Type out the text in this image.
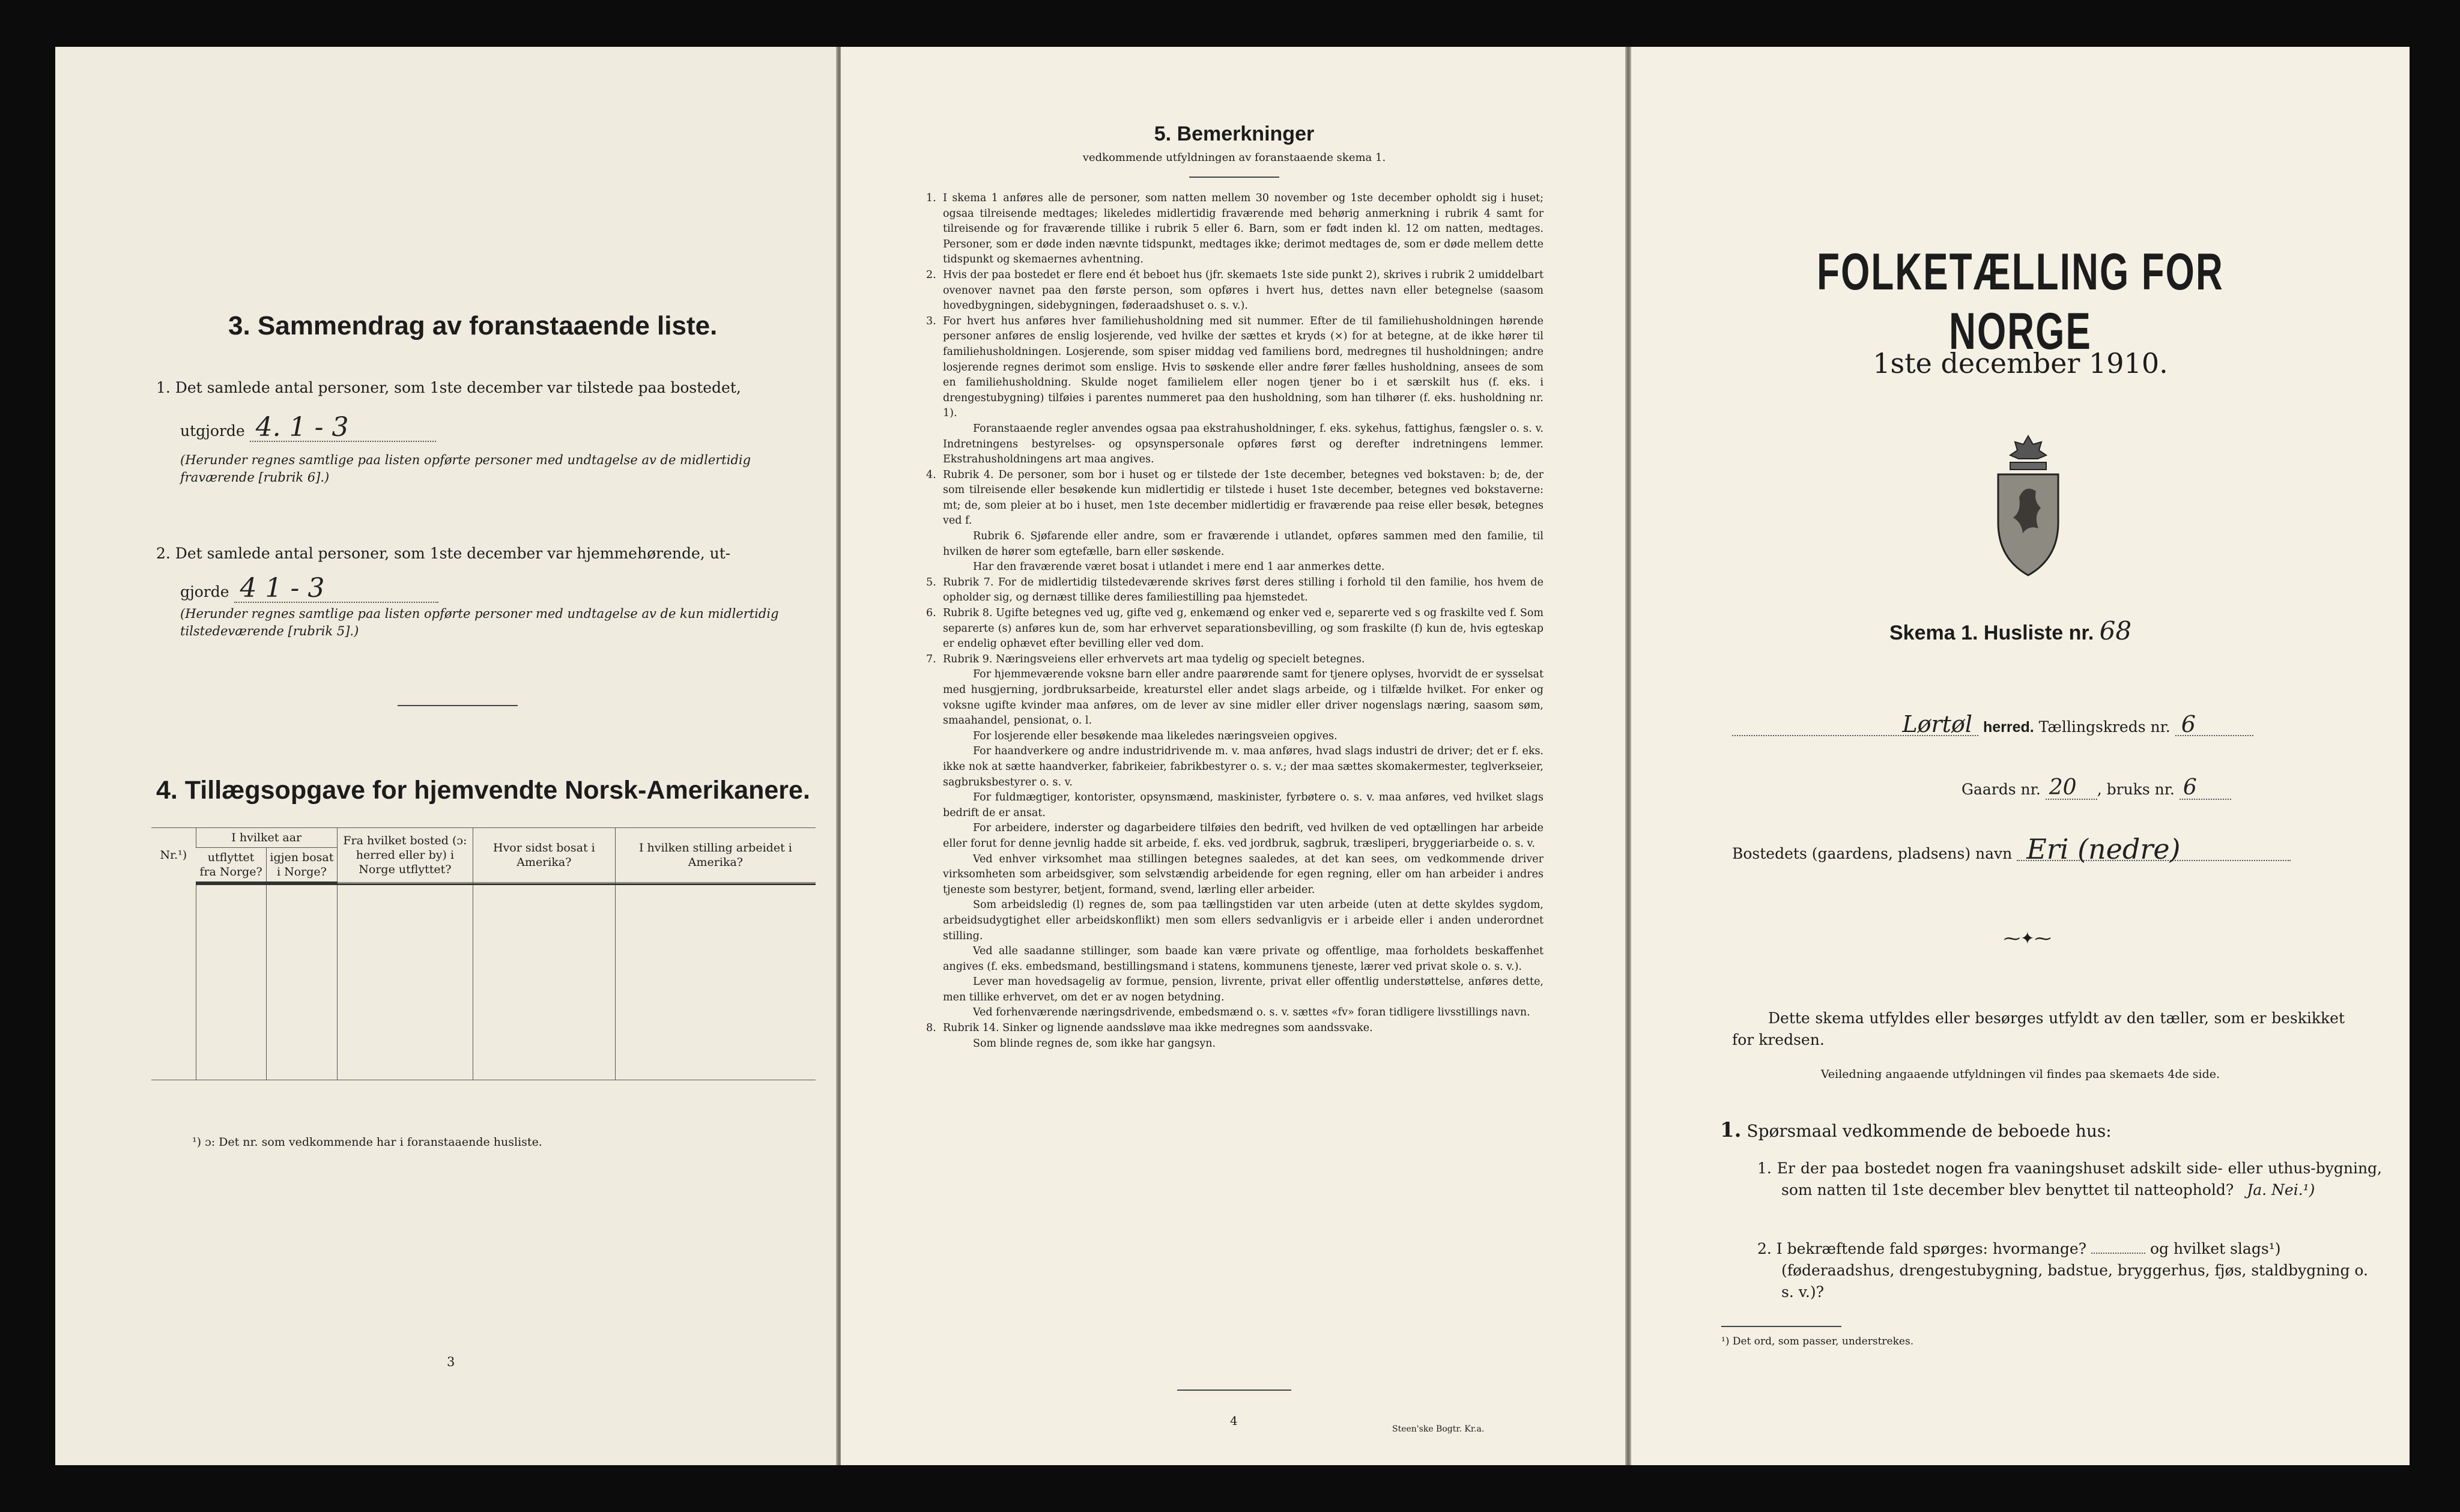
3. Sammendrag av foranstaaende liste.
1. Det samlede antal personer, som 1ste december var tilstede paa bostedet,
utgjorde 4. 1 - 3
(Herunder regnes samtlige paa listen opførte personer med undtagelse av de midlertidig fraværende [rubrik 6].)
2. Det samlede antal personer, som 1ste december var hjemmehørende, ut-
gjorde 4 1 - 3
(Herunder regnes samtlige paa listen opførte personer med undtagelse av de kun midlertidig tilstedeværende [rubrik 5].)
4. Tillægsopgave for hjemvendte Norsk-Amerikanere.
Nr.¹)	I hvilket aar		Fra hvilket bosted (ɔ: herred eller by) i Norge utflyttet?	Hvor sidst bosat i Amerika?	I hvilken stilling arbeidet i Amerika?
	utflyttet fra Norge?	igjen bosat i Norge?			

¹) ɔ: Det nr. som vedkommende har i foranstaaende husliste.
3
5. Bemerkninger
vedkommende utfyldningen av foranstaaende skema 1.

1. I skema 1 anføres alle de personer, som natten mellem 30 november og 1ste december opholdt sig i huset; ogsaa tilreisende medtages; likeledes midlertidig fraværende med behørig anmerkning i rubrik 4 samt for tilreisende og for fraværende tillike i rubrik 5 eller 6. Barn, som er født inden kl. 12 om natten, medtages. Personer, som er døde inden nævnte tidspunkt, medtages ikke; derimot medtages de, som er døde mellem dette tidspunkt og skemaernes avhentning.

2. Hvis der paa bostedet er flere end ét beboet hus (jfr. skemaets 1ste side punkt 2), skrives i rubrik 2 umiddelbart ovenover navnet paa den første person, som opføres i hvert hus, dettes navn eller betegnelse (saasom hovedbygningen, sidebygningen, føderaadshuset o. s. v.).

3. For hvert hus anføres hver familiehusholdning med sit nummer. Efter de til familiehusholdningen hørende personer anføres de enslig losjerende, ved hvilke der sættes et kryds (×) for at betegne, at de ikke hører til familiehusholdningen. Losjerende, som spiser middag ved familiens bord, medregnes til husholdningen; andre losjerende regnes derimot som enslige. Hvis to søskende eller andre fører fælles husholdning, ansees de som en familiehusholdning. Skulde noget familielem eller nogen tjener bo i et særskilt hus (f. eks. i drengestubygning) tilføies i parentes nummeret paa den husholdning, som han tilhører (f. eks. husholdning nr. 1).

Foranstaaende regler anvendes ogsaa paa ekstrahusholdninger, f. eks. sykehus, fattighus, fængsler o. s. v. Indretningens bestyrelses- og opsynspersonale opføres først og derefter indretningens lemmer. Ekstrahusholdningens art maa angives.

4. Rubrik 4. De personer, som bor i huset og er tilstede der 1ste december, betegnes ved bokstaven: b; de, der som tilreisende eller besøkende kun midlertidig er tilstede i huset 1ste december, betegnes ved bokstaverne: mt; de, som pleier at bo i huset, men 1ste december midlertidig er fraværende paa reise eller besøk, betegnes ved f.

Rubrik 6. Sjøfarende eller andre, som er fraværende i utlandet, opføres sammen med den familie, til hvilken de hører som egtefælle, barn eller søskende.

Har den fraværende været bosat i utlandet i mere end 1 aar anmerkes dette.

5. Rubrik 7. For de midlertidig tilstedeværende skrives først deres stilling i forhold til den familie, hos hvem de opholder sig, og dernæst tillike deres familiestilling paa hjemstedet.

6. Rubrik 8. Ugifte betegnes ved ug, gifte ved g, enkemænd og enker ved e, separerte ved s og fraskilte ved f. Som separerte (s) anføres kun de, som har erhvervet separationsbevilling, og som fraskilte (f) kun de, hvis egteskap er endelig ophævet efter bevilling eller ved dom.

7. Rubrik 9. Næringsveiens eller erhvervets art maa tydelig og specielt betegnes.

For hjemmeværende voksne barn eller andre paarørende samt for tjenere oplyses, hvorvidt de er sysselsat med husgjerning, jordbruksarbeide, kreaturstel eller andet slags arbeide, og i tilfælde hvilket. For enker og voksne ugifte kvinder maa anføres, om de lever av sine midler eller driver nogenslags næring, saasom søm, smaahandel, pensionat, o. l.

For losjerende eller besøkende maa likeledes næringsveien opgives.

For haandverkere og andre industridrivende m. v. maa anføres, hvad slags industri de driver; det er f. eks. ikke nok at sætte haandverker, fabrikeier, fabrikbestyrer o. s. v.; der maa sættes skomakermester, teglverkseier, sagbruksbestyrer o. s. v.

For fuldmægtiger, kontorister, opsynsmænd, maskinister, fyrbøtere o. s. v. maa anføres, ved hvilket slags bedrift de er ansat.

For arbeidere, inderster og dagarbeidere tilføies den bedrift, ved hvilken de ved optællingen har arbeide eller forut for denne jevnlig hadde sit arbeide, f. eks. ved jordbruk, sagbruk, træsliperi, bryggeriarbeide o. s. v.

Ved enhver virksomhet maa stillingen betegnes saaledes, at det kan sees, om vedkommende driver virksomheten som arbeidsgiver, som selvstændig arbeidende for egen regning, eller om han arbeider i andres tjeneste som bestyrer, betjent, formand, svend, lærling eller arbeider.

Som arbeidsledig (l) regnes de, som paa tællingstiden var uten arbeide (uten at dette skyldes sygdom, arbeidsudygtighet eller arbeidskonflikt) men som ellers sedvanligvis er i arbeide eller i anden underordnet stilling.

Ved alle saadanne stillinger, som baade kan være private og offentlige, maa forholdets beskaffenhet angives (f. eks. embedsmand, bestillingsmand i statens, kommunens tjeneste, lærer ved privat skole o. s. v.).

Lever man hovedsagelig av formue, pension, livrente, privat eller offentlig understøttelse, anføres dette, men tillike erhvervet, om det er av nogen betydning.

Ved forhenværende næringsdrivende, embedsmænd o. s. v. sættes «fv» foran tidligere livsstillings navn.

8. Rubrik 14. Sinker og lignende aandssløve maa ikke medregnes som aandssvake.

Som blinde regnes de, som ikke har gangsyn.

4
Steen'ske Bogtr. Kr.a.
FOLKETÆLLING FOR NORGE
1ste december 1910.
Skema 1. Husliste nr. 68
Lørtøl herred. Tællingskreds nr. 6
Gaards nr. 20 , bruks nr. 6
Bostedets (gaardens, pladsens) navn Eri (nedre)
⁓✦⁓
Dette skema utfyldes eller besørges utfyldt av den tæller, som er beskikket for kredsen.
Veiledning angaaende utfyldningen vil findes paa skemaets 4de side.
1. Spørsmaal vedkommende de beboede hus:
1. Er der paa bostedet nogen fra vaaningshuset adskilt side- eller uthus-bygning, som natten til 1ste december blev benyttet til natteophold? Ja. Nei.¹)
2. I bekræftende fald spørges: hvormange?	og hvilket slags¹) (føderaadshus, drengestubygning, badstue, bryggerhus, fjøs, staldbygning o. s. v.)?
¹) Det ord, som passer, understrekes.
